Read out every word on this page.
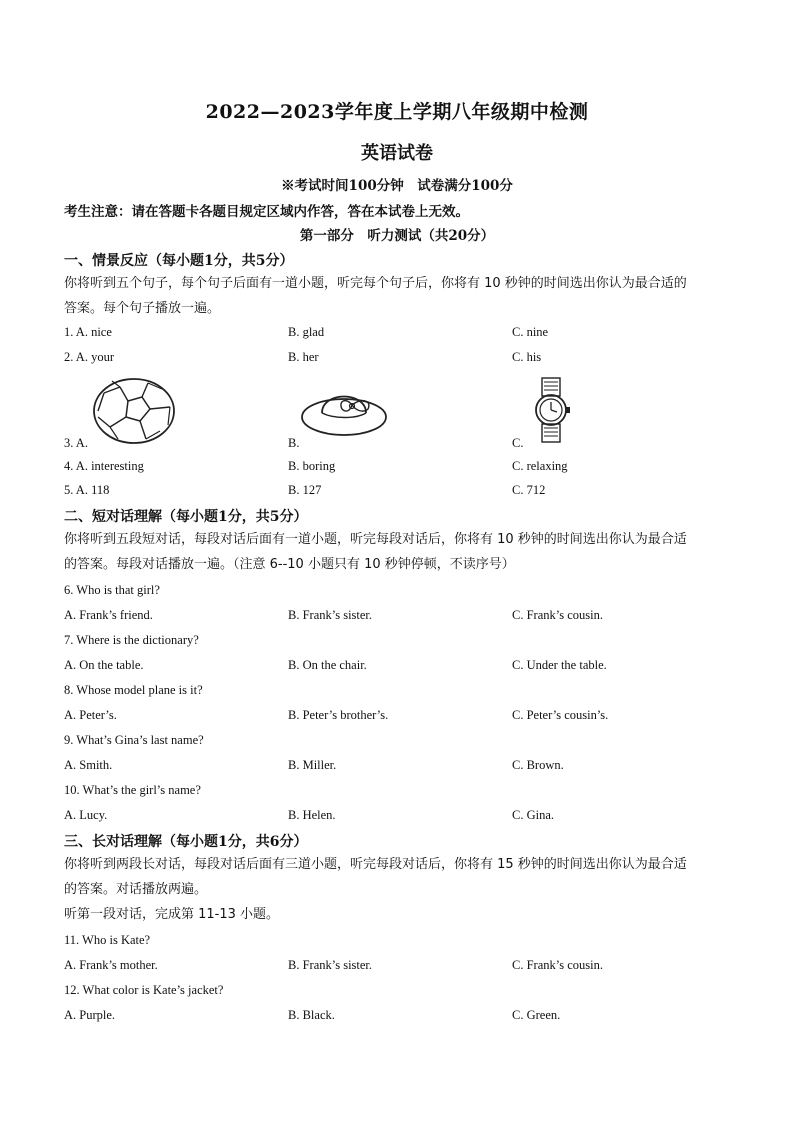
2022—2023学年度上学期八年级期中检测
英语试卷
※考试时间100分钟　试卷满分100分
考生注意：请在答题卡各题目规定区域内作答，答在本试卷上无效。
第一部分　听力测试（共20分）
一、情景反应（每小题1分，共5分）
你将听到五个句子，每个句子后面有一道小题，听完每个句子后，你将有 10 秒钟的时间选出你认为最合适的
答案。每个句子播放一遍。
1. A. nice	B. glad	C. nine
2. A. your	B. her	C. his
3. A.	B.	C.
4. A. interesting	B. boring	C. relaxing
5. A. 118	B. 127	C. 712
二、短对话理解（每小题1分，共5分）
你将听到五段短对话，每段对话后面有一道小题，听完每段对话后，你将有 10 秒钟的时间选出你认为最合适
的答案。每段对话播放一遍。（注意 6--10 小题只有 10 秒钟停顿，不读序号）
6. Who is that girl?
A. Frank’s friend.	B. Frank’s sister.	C. Frank’s cousin.
7. Where is the dictionary?
A. On the table.	B. On the chair.	C. Under the table.
8. Whose model plane is it?
A. Peter’s.	B. Peter’s brother’s.	C. Peter’s cousin’s.
9. What’s Gina’s last name?
A. Smith.	B. Miller.	C. Brown.
10. What’s the girl’s name?
A. Lucy.	B. Helen.	C. Gina.
三、长对话理解（每小题1分，共6分）
你将听到两段长对话，每段对话后面有三道小题，听完每段对话后，你将有 15 秒钟的时间选出你认为最合适
的答案。对话播放两遍。
听第一段对话，完成第 11-13 小题。
11. Who is Kate?
A. Frank’s mother.	B. Frank’s sister.	C. Frank’s cousin.
12. What color is Kate’s jacket?
A. Purple.	B. Black.	C. Green.
